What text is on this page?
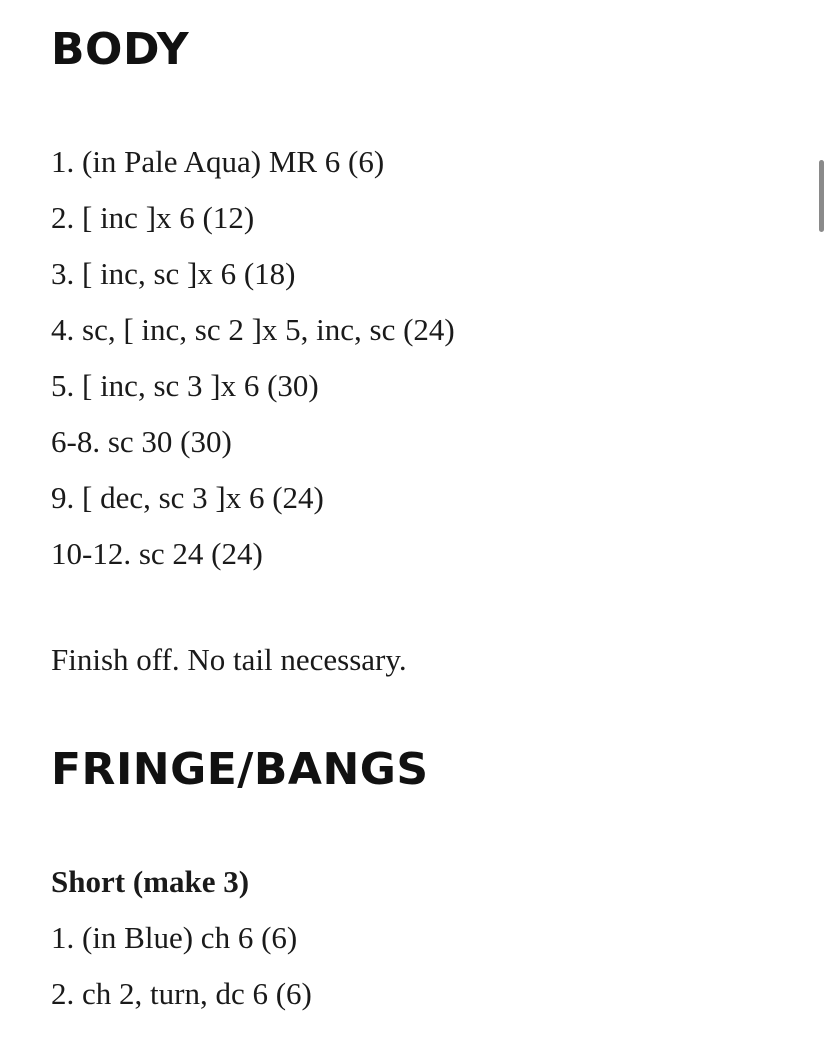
BODY
1. (in Pale Aqua) MR 6 (6)
2. [ inc ]x 6 (12)
3. [ inc, sc ]x 6 (18)
4. sc, [ inc, sc 2 ]x 5, inc, sc (24)
5. [ inc, sc 3 ]x 6 (30)
6-8. sc 30 (30)
9. [ dec, sc 3 ]x 6 (24)
10-12. sc 24 (24)

Finish off. No tail necessary.

FRINGE/BANGS

Short (make 3)

1. (in Blue) ch 6 (6)
2. ch 2, turn, dc 6 (6)
